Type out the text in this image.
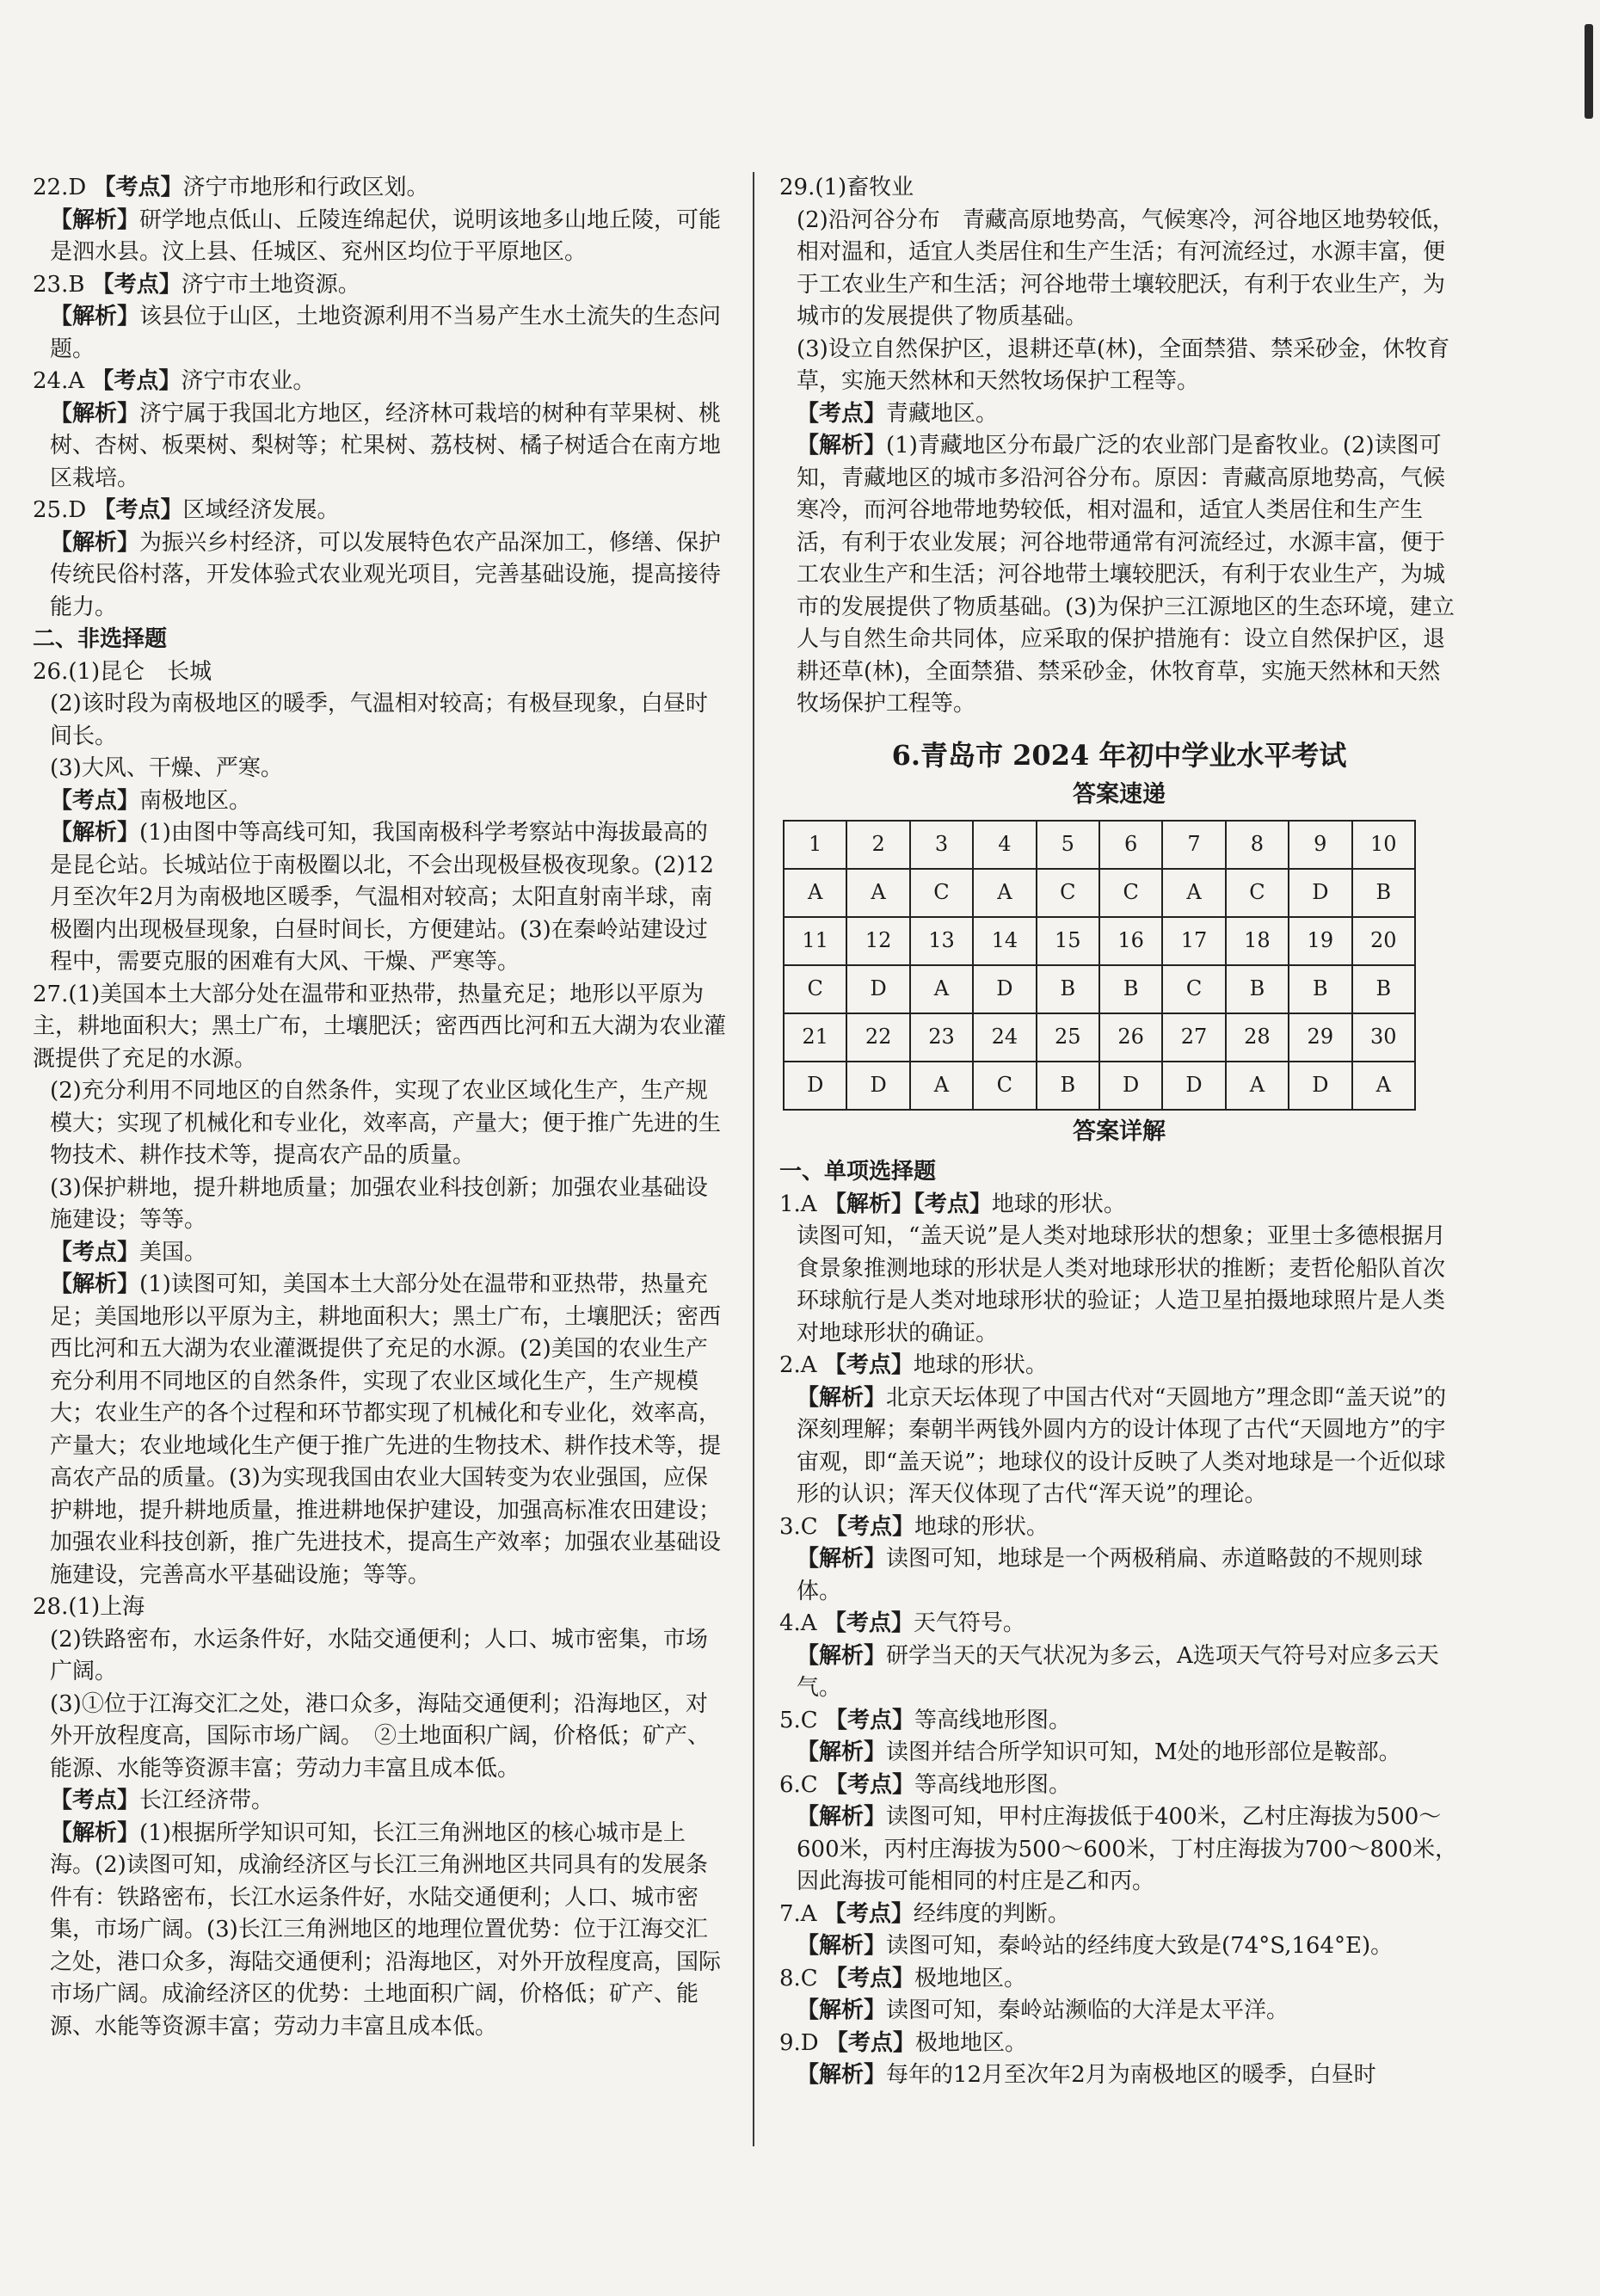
22.D 【考点】济宁市地形和行政区划。
【解析】研学地点低山、丘陵连绵起伏，说明该地多山地丘陵，可能是泗水县。汶上县、任城区、兖州区均位于平原地区。
23.B 【考点】济宁市土地资源。
【解析】该县位于山区，土地资源利用不当易产生水土流失的生态问题。
24.A 【考点】济宁市农业。
【解析】济宁属于我国北方地区，经济林可栽培的树种有苹果树、桃树、杏树、板栗树、梨树等；杧果树、荔枝树、橘子树适合在南方地区栽培。
25.D 【考点】区域经济发展。
【解析】为振兴乡村经济，可以发展特色农产品深加工，修缮、保护传统民俗村落，开发体验式农业观光项目，完善基础设施，提高接待能力。
二、非选择题
26.(1)昆仑　长城
(2)该时段为南极地区的暖季，气温相对较高；有极昼现象，白昼时间长。
(3)大风、干燥、严寒。
【考点】南极地区。
【解析】(1)由图中等高线可知，我国南极科学考察站中海拔最高的是昆仑站。长城站位于南极圈以北，不会出现极昼极夜现象。(2)12月至次年2月为南极地区暖季，气温相对较高；太阳直射南半球，南极圈内出现极昼现象，白昼时间长，方便建站。(3)在秦岭站建设过程中，需要克服的困难有大风、干燥、严寒等。
27.(1)美国本土大部分处在温带和亚热带，热量充足；地形以平原为主，耕地面积大；黑土广布，土壤肥沃；密西西比河和五大湖为农业灌溉提供了充足的水源。
(2)充分利用不同地区的自然条件，实现了农业区域化生产，生产规模大；实现了机械化和专业化，效率高，产量大；便于推广先进的生物技术、耕作技术等，提高农产品的质量。
(3)保护耕地，提升耕地质量；加强农业科技创新；加强农业基础设施建设；等等。
【考点】美国。
【解析】(1)读图可知，美国本土大部分处在温带和亚热带，热量充足；美国地形以平原为主，耕地面积大；黑土广布，土壤肥沃；密西西比河和五大湖为农业灌溉提供了充足的水源。(2)美国的农业生产充分利用不同地区的自然条件，实现了农业区域化生产，生产规模大；农业生产的各个过程和环节都实现了机械化和专业化，效率高，产量大；农业地域化生产便于推广先进的生物技术、耕作技术等，提高农产品的质量。(3)为实现我国由农业大国转变为农业强国，应保护耕地，提升耕地质量，推进耕地保护建设，加强高标准农田建设；加强农业科技创新，推广先进技术，提高生产效率；加强农业基础设施建设，完善高水平基础设施；等等。
28.(1)上海
(2)铁路密布，水运条件好，水陆交通便利；人口、城市密集，市场广阔。
(3)①位于江海交汇之处，港口众多，海陆交通便利；沿海地区，对外开放程度高，国际市场广阔。　②土地面积广阔，价格低；矿产、能源、水能等资源丰富；劳动力丰富且成本低。
【考点】长江经济带。
【解析】(1)根据所学知识可知，长江三角洲地区的核心城市是上海。(2)读图可知，成渝经济区与长江三角洲地区共同具有的发展条件有：铁路密布，长江水运条件好，水陆交通便利；人口、城市密集，市场广阔。(3)长江三角洲地区的地理位置优势：位于江海交汇之处，港口众多，海陆交通便利；沿海地区，对外开放程度高，国际市场广阔。成渝经济区的优势：土地面积广阔，价格低；矿产、能源、水能等资源丰富；劳动力丰富且成本低。
29.(1)畜牧业
(2)沿河谷分布　青藏高原地势高，气候寒冷，河谷地区地势较低，相对温和，适宜人类居住和生产生活；有河流经过，水源丰富，便于工农业生产和生活；河谷地带土壤较肥沃，有利于农业生产，为城市的发展提供了物质基础。
(3)设立自然保护区，退耕还草(林)，全面禁猎、禁采砂金，休牧育草，实施天然林和天然牧场保护工程等。
【考点】青藏地区。
【解析】(1)青藏地区分布最广泛的农业部门是畜牧业。(2)读图可知，青藏地区的城市多沿河谷分布。原因：青藏高原地势高，气候寒冷，而河谷地带地势较低，相对温和，适宜人类居住和生产生活，有利于农业发展；河谷地带通常有河流经过，水源丰富，便于工农业生产和生活；河谷地带土壤较肥沃，有利于农业生产，为城市的发展提供了物质基础。(3)为保护三江源地区的生态环境，建立人与自然生命共同体，应采取的保护措施有：设立自然保护区，退耕还草(林)，全面禁猎、禁采砂金，休牧育草，实施天然林和天然牧场保护工程等。
6.青岛市 2024 年初中学业水平考试
答案速递
1	2	3	4	5	6	7	8	9	10
A	A	C	A	C	C	A	C	D	B
11	12	13	14	15	16	17	18	19	20
C	D	A	D	B	B	C	B	B	B
21	22	23	24	25	26	27	28	29	30
D	D	A	C	B	D	D	A	D	A
答案详解
一、单项选择题
1.A 【解析】【考点】地球的形状。
读图可知，“盖天说”是人类对地球形状的想象；亚里士多德根据月食景象推测地球的形状是人类对地球形状的推断；麦哲伦船队首次环球航行是人类对地球形状的验证；人造卫星拍摄地球照片是人类对地球形状的确证。
2.A 【考点】地球的形状。
【解析】北京天坛体现了中国古代对“天圆地方”理念即“盖天说”的深刻理解；秦朝半两钱外圆内方的设计体现了古代“天圆地方”的宇宙观，即“盖天说”；地球仪的设计反映了人类对地球是一个近似球形的认识；浑天仪体现了古代“浑天说”的理论。
3.C 【考点】地球的形状。
【解析】读图可知，地球是一个两极稍扁、赤道略鼓的不规则球体。
4.A 【考点】天气符号。
【解析】研学当天的天气状况为多云，A选项天气符号对应多云天气。
5.C 【考点】等高线地形图。
【解析】读图并结合所学知识可知，M处的地形部位是鞍部。
6.C 【考点】等高线地形图。
【解析】读图可知，甲村庄海拔低于400米，乙村庄海拔为500～600米，丙村庄海拔为500～600米，丁村庄海拔为700～800米，因此海拔可能相同的村庄是乙和丙。
7.A 【考点】经纬度的判断。
【解析】读图可知，秦岭站的经纬度大致是(74°S,164°E)。
8.C 【考点】极地地区。
【解析】读图可知，秦岭站濒临的大洋是太平洋。
9.D 【考点】极地地区。
【解析】每年的12月至次年2月为南极地区的暖季，白昼时
